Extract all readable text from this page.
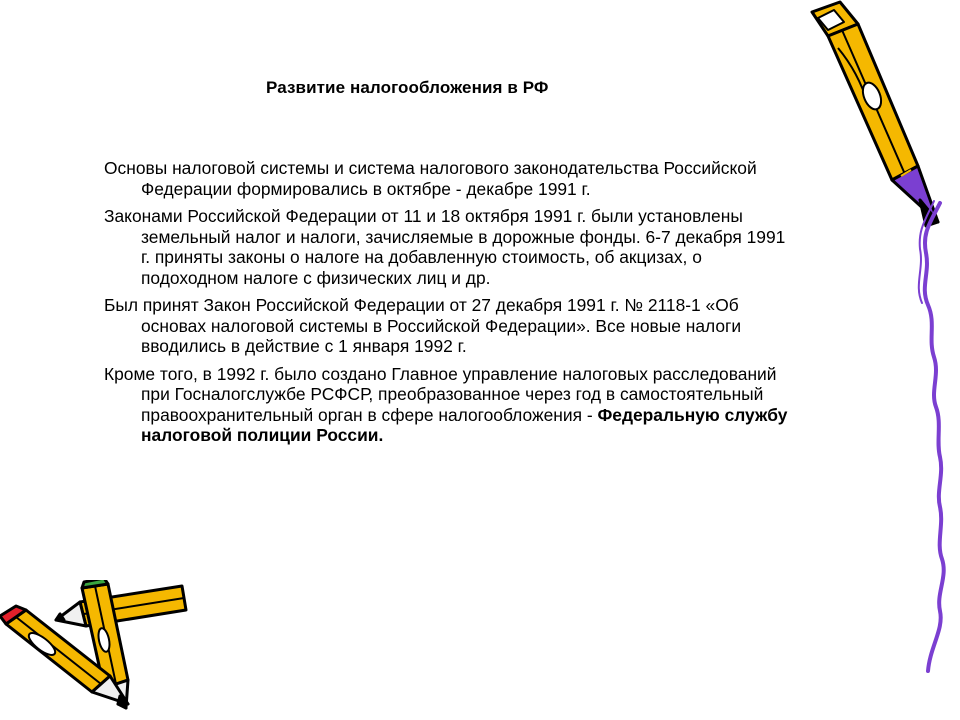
Развитие налогообложения в РФ

Основы налоговой системы и система налогового законодательства Российской Федерации формировались в октябре - декабре 1991 г.

Законами Российской Федерации от 11 и 18 октября 1991 г. были установлены земельный налог и налоги, зачисляемые в дорожные фонды. 6-7 декабря 1991 г. приняты законы о налоге на добавленную стоимость, об акцизах, о подоходном налоге с физических лиц и др.

Был принят Закон Российской Федерации от 27 декабря 1991 г. № 2118-1 «Об основах налоговой системы в Российской Федерации». Все новые налоги вводились в действие с 1 января 1992 г.

Кроме того, в 1992 г. было создано Главное управление налоговых расследований при Госналогслужбе РСФСР, преобразованное через год в самостоятельный правоохранительный орган в сфере налогообложения - Федеральную службу налоговой полиции России.
